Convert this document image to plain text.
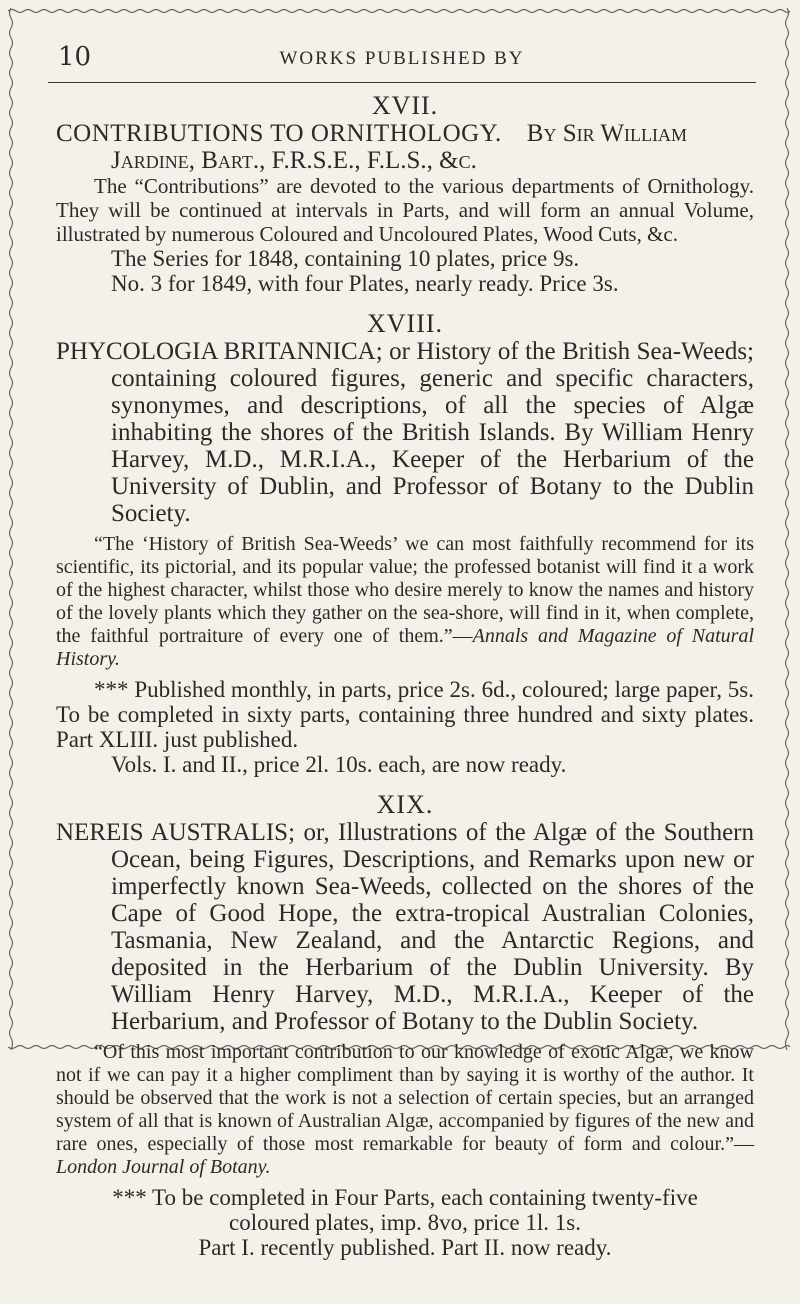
10	WORKS PUBLISHED BY
XVII.
CONTRIBUTIONS TO ORNITHOLOGY. By Sir William
Jardine, Bart., F.R.S.E., F.L.S., &c.

The “Contributions” are devoted to the various departments of Ornithology. They will be continued at intervals in Parts, and will form an annual Volume, illustrated by numerous Coloured and Uncoloured Plates, Wood Cuts, &c.

The Series for 1848, containing 10 plates, price 9s.
No. 3 for 1849, with four Plates, nearly ready. Price 3s.
XVIII.

PHYCOLOGIA BRITANNICA; or History of the British Sea-Weeds; containing coloured figures, generic and specific characters, synonymes, and descriptions, of all the species of Algæ inhabiting the shores of the British Islands. By William Henry Harvey, M.D., M.R.I.A., Keeper of the Herbarium of the University of Dublin, and Professor of Botany to the Dublin Society.

“The ‘History of British Sea-Weeds’ we can most faithfully recommend for its scientific, its pictorial, and its popular value; the professed botanist will find it a work of the highest character, whilst those who desire merely to know the names and history of the lovely plants which they gather on the sea-shore, will find in it, when complete, the faithful portraiture of every one of them.”—Annals and Magazine of Natural History.

*** Published monthly, in parts, price 2s. 6d., coloured; large paper, 5s. To be completed in sixty parts, containing three hundred and sixty plates. Part XLIII. just published.

Vols. I. and II., price 2l. 10s. each, are now ready.
XIX.

NEREIS AUSTRALIS; or, Illustrations of the Algæ of the Southern Ocean, being Figures, Descriptions, and Remarks upon new or imperfectly known Sea-Weeds, collected on the shores of the Cape of Good Hope, the extra-tropical Australian Colonies, Tasmania, New Zealand, and the Antarctic Regions, and deposited in the Herbarium of the Dublin University. By William Henry Harvey, M.D., M.R.I.A., Keeper of the Herbarium, and Professor of Botany to the Dublin Society.

“Of this most important contribution to our knowledge of exotic Algæ, we know not if we can pay it a higher compliment than by saying it is worthy of the author. It should be observed that the work is not a selection of certain species, but an arranged system of all that is known of Australian Algæ, accompanied by figures of the new and rare ones, especially of those most remarkable for beauty of form and colour.”—London Journal of Botany.

*** To be completed in Four Parts, each containing twenty-five coloured plates, imp. 8vo, price 1l. 1s.

Part I. recently published. Part II. now ready.
